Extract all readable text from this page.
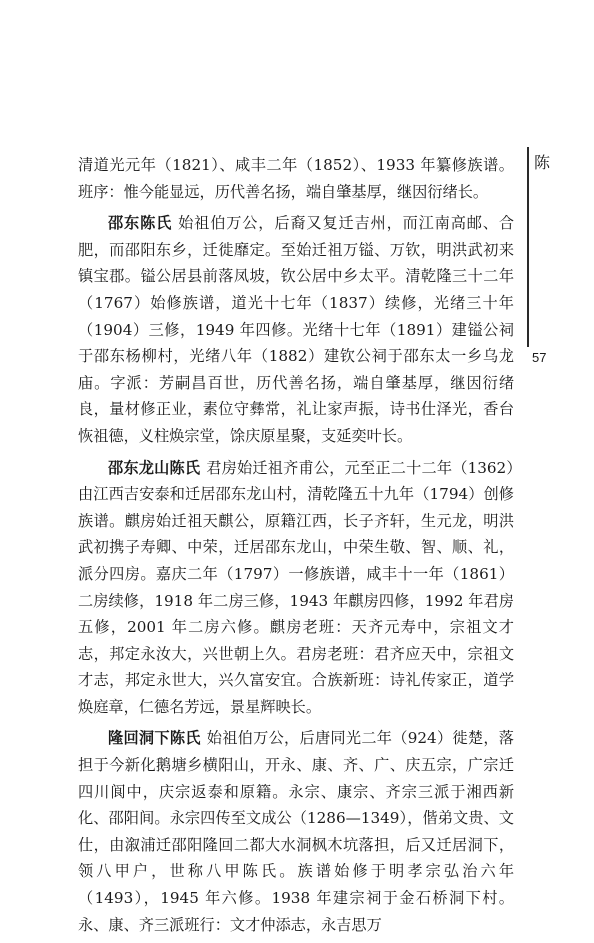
陈
57

清道光元年（1821）、咸丰二年（1852）、1933 年纂修族谱。班序：惟今能显远，历代善名扬，端自肇基厚，继因衍绪长。

邵东陈氏 始祖伯万公，后裔又复迁吉州，而江南高邮、合肥，而邵阳东乡，迁徙靡定。至始迁祖万镒、万钦，明洪武初来镇宝郡。镒公居县前落凤坡，钦公居中乡太平。清乾隆三十二年（1767）始修族谱，道光十七年（1837）续修，光绪三十年（1904）三修，1949 年四修。光绪十七年（1891）建镒公祠于邵东杨柳村，光绪八年（1882）建钦公祠于邵东太一乡乌龙庙。字派：芳嗣昌百世，历代善名扬，端自肇基厚，继因衍绪良，量材修正业，素位守彝常，礼让家声振，诗书仕泽光，香台恢祖德，义柱焕宗堂，馀庆原星聚，支延奕叶长。

邵东龙山陈氏 君房始迁祖齐甫公，元至正二十二年（1362）由江西吉安泰和迁居邵东龙山村，清乾隆五十九年（1794）创修族谱。麒房始迁祖天麒公，原籍江西，长子齐轩，生元龙，明洪武初携子寿卿、中荣，迁居邵东龙山，中荣生敬、智、顺、礼，派分四房。嘉庆二年（1797）一修族谱，咸丰十一年（1861）二房续修，1918 年二房三修，1943 年麒房四修，1992 年君房五修，2001 年二房六修。麒房老班：天齐元寿中，宗祖文才志，邦定永汝大，兴世朝上久。君房老班：君齐应天中，宗祖文才志，邦定永世大，兴久富安宜。合族新班：诗礼传家正，道学焕庭章，仁德名芳远，景星辉映长。

隆回洞下陈氏 始祖伯万公，后唐同光二年（924）徙楚，落担于今新化鹅塘乡横阳山，开永、康、齐、广、庆五宗，广宗迁四川阆中，庆宗返泰和原籍。永宗、康宗、齐宗三派于湘西新化、邵阳间。永宗四传至文成公（1286—1349），偕弟文贵、文仕，由溆浦迁邵阳隆回二都大水洞枫木坑落担，后又迁居洞下，领八甲户，世称八甲陈氏。族谱始修于明孝宗弘治六年（1493），1945 年六修。1938 年建宗祠于金石桥洞下村。永、康、齐三派班行：文才仲添志，永吉思万
